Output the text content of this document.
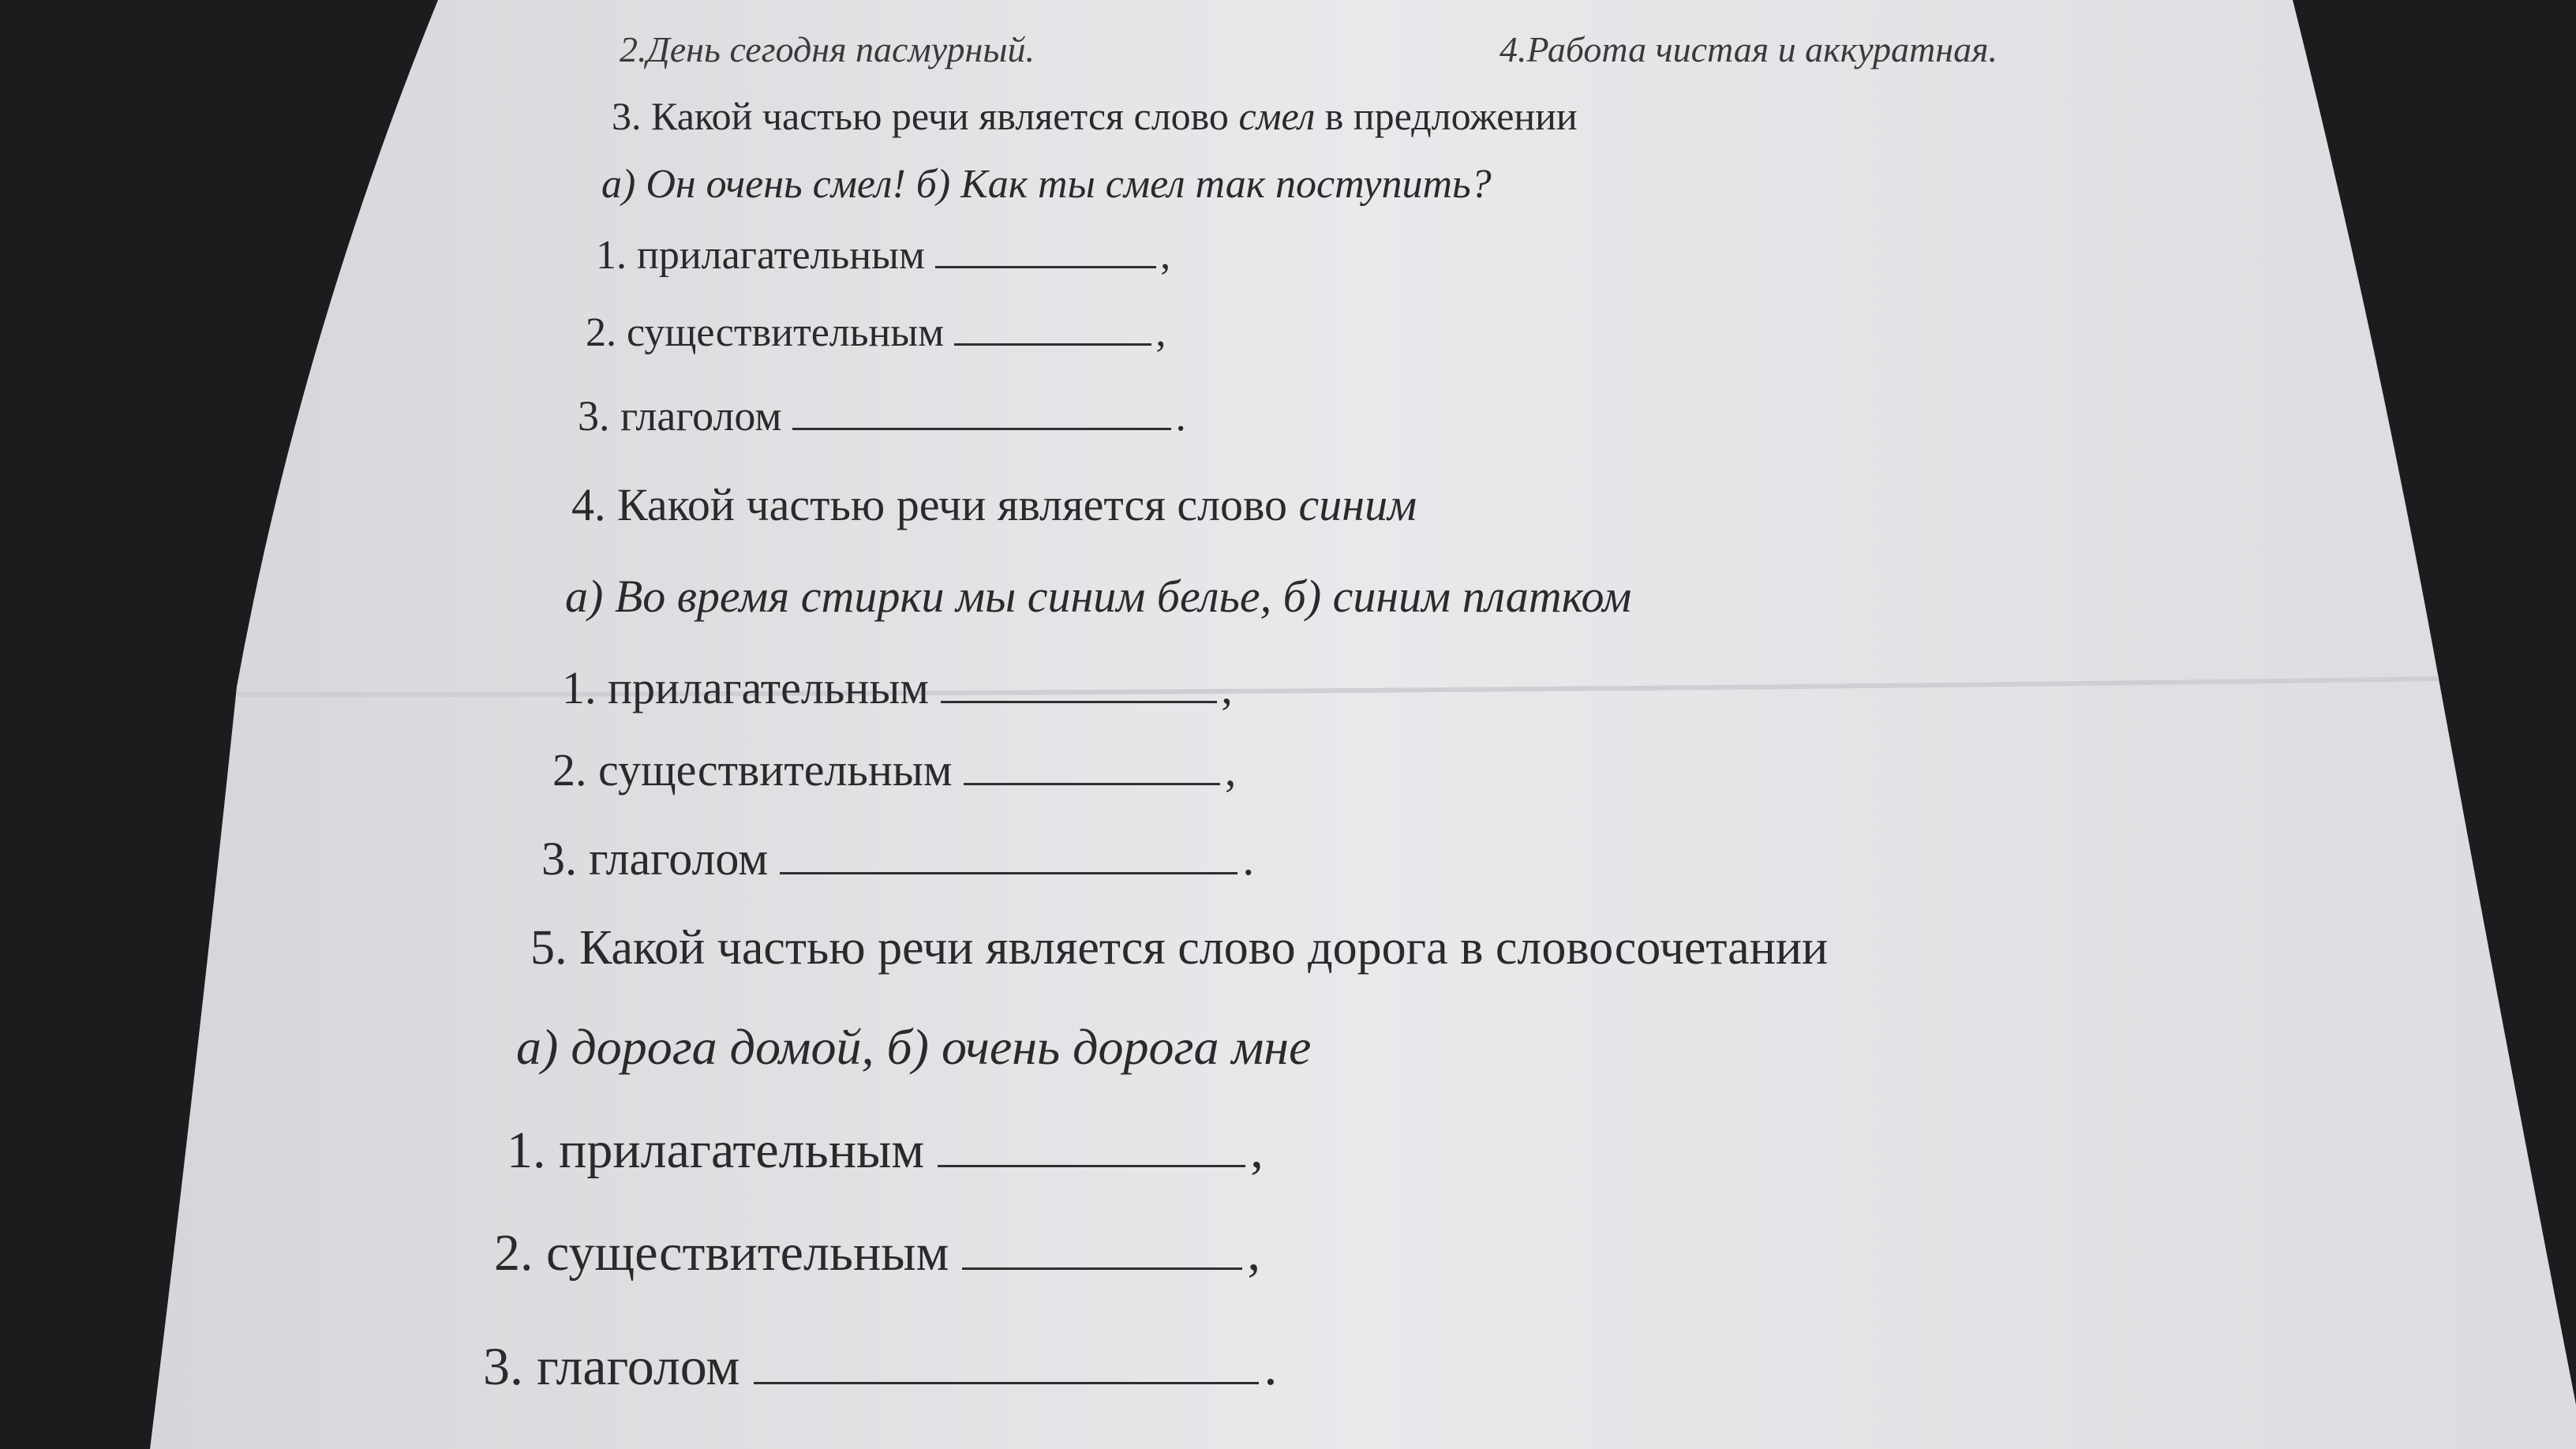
2.День сегодня пасмурный.	4.Работа чистая и аккуратная.
3. Какой частью речи является слово смел в предложении
а) Он очень смел! б) Как ты смел так поступить?
1. прилагательным	,
2. существительным	,
3. глаголом	.
4. Какой частью речи является слово синим
а) Во время стирки мы синим белье, б) синим платком
1. прилагательным	,
2. существительным	,
3. глаголом	.
5. Какой частью речи является слово дорога в словосочетании
а) дорога домой, б) очень дорога мне
1. прилагательным	,
2. существительным	,
3. глаголом	.
